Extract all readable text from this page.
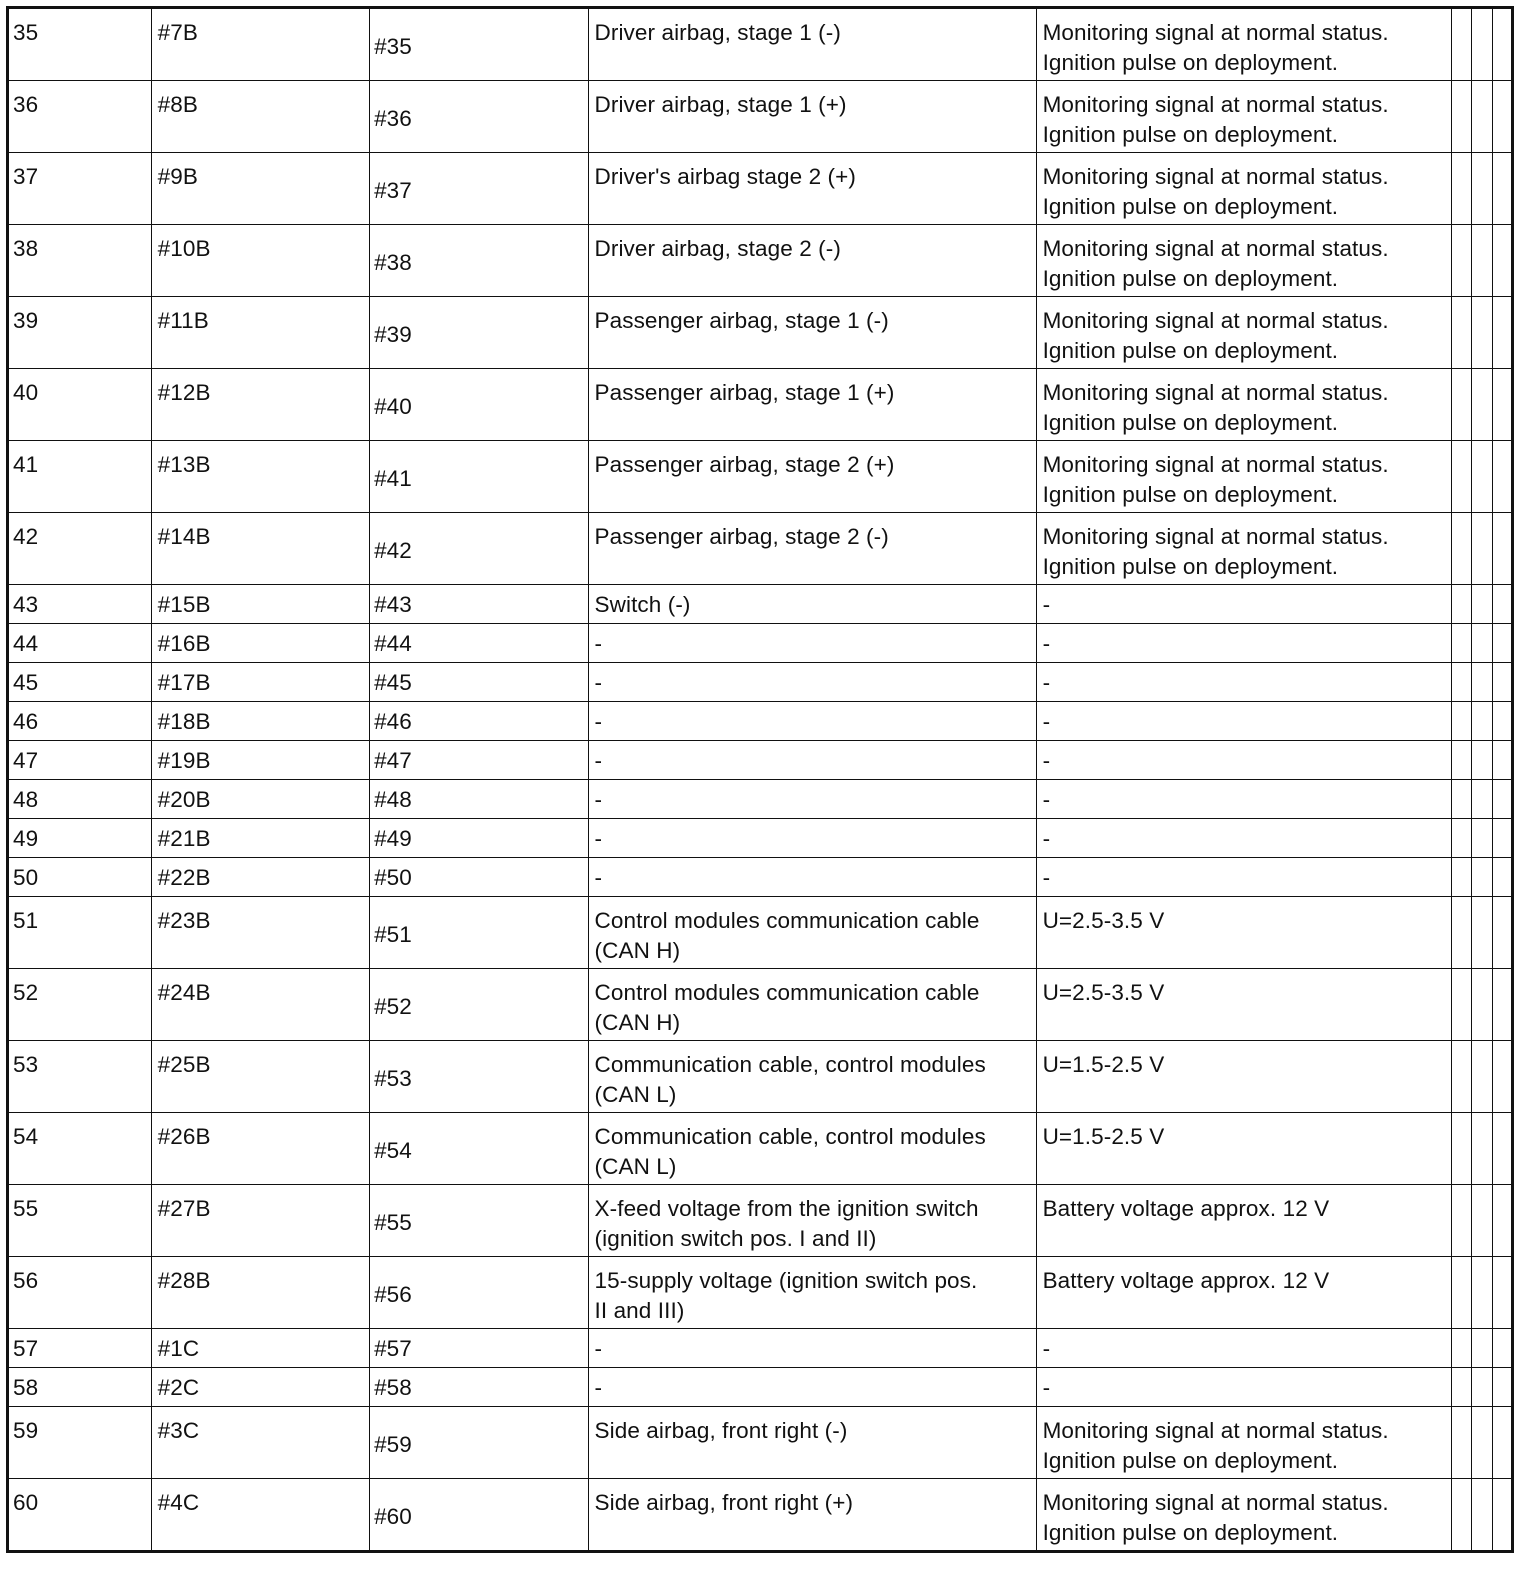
35	#7B	#35	Driver airbag, stage 1 (-)	Monitoring signal at normal status.
Ignition pulse on deployment.			

36	#8B	#36	Driver airbag, stage 1 (+)	Monitoring signal at normal status.
Ignition pulse on deployment.			

37	#9B	#37	Driver's airbag stage 2 (+)	Monitoring signal at normal status.
Ignition pulse on deployment.			

38	#10B	#38	Driver airbag, stage 2 (-)	Monitoring signal at normal status.
Ignition pulse on deployment.			

39	#11B	#39	Passenger airbag, stage 1 (-)	Monitoring signal at normal status.
Ignition pulse on deployment.			

40	#12B	#40	Passenger airbag, stage 1 (+)	Monitoring signal at normal status.
Ignition pulse on deployment.			

41	#13B	#41	Passenger airbag, stage 2 (+)	Monitoring signal at normal status.
Ignition pulse on deployment.			

42	#14B	#42	Passenger airbag, stage 2 (-)	Monitoring signal at normal status.
Ignition pulse on deployment.			

43	#15B	#43	Switch (-)	-			

44	#16B	#44	-	-			

45	#17B	#45	-	-			

46	#18B	#46	-	-			

47	#19B	#47	-	-			

48	#20B	#48	-	-			

49	#21B	#49	-	-			

50	#22B	#50	-	-			

51	#23B	#51	Control modules communication cable
(CAN H)	U=2.5-3.5 V			

52	#24B	#52	Control modules communication cable
(CAN H)	U=2.5-3.5 V			

53	#25B	#53	Communication cable, control modules
(CAN L)	U=1.5-2.5 V			

54	#26B	#54	Communication cable, control modules
(CAN L)	U=1.5-2.5 V			

55	#27B	#55	X-feed voltage from the ignition switch
(ignition switch pos. I and II)	Battery voltage approx. 12 V			

56	#28B	#56	15-supply voltage (ignition switch pos.
II and III)	Battery voltage approx. 12 V			

57	#1C	#57	-	-			

58	#2C	#58	-	-			

59	#3C	#59	Side airbag, front right (-)	Monitoring signal at normal status.
Ignition pulse on deployment.			

60	#4C	#60	Side airbag, front right (+)	Monitoring signal at normal status.
Ignition pulse on deployment.			
